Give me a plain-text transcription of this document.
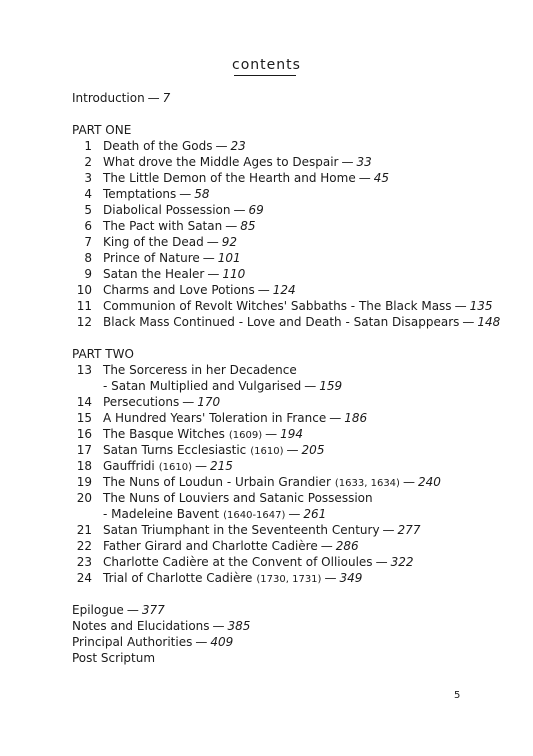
contents
Introduction — 7
PART ONE
1 Death of the Gods — 23
2 What drove the Middle Ages to Despair — 33
3 The Little Demon of the Hearth and Home — 45
4 Temptations — 58
5 Diabolical Possession — 69
6 The Pact with Satan — 85
7 King of the Dead — 92
8 Prince of Nature — 101
9 Satan the Healer — 110
10 Charms and Love Potions — 124
11 Communion of Revolt Witches' Sabbaths - The Black Mass — 135
12 Black Mass Continued - Love and Death - Satan Disappears — 148
PART TWO
13 The Sorceress in her Decadence
- Satan Multiplied and Vulgarised — 159
14 Persecutions — 170
15 A Hundred Years' Toleration in France — 186
16 The Basque Witches (1609) — 194
17 Satan Turns Ecclesiastic (1610) — 205
18 Gauffridi (1610) — 215
19 The Nuns of Loudun - Urbain Grandier (1633, 1634) — 240
20 The Nuns of Louviers and Satanic Possession
- Madeleine Bavent (1640-1647) — 261
21 Satan Triumphant in the Seventeenth Century — 277
22 Father Girard and Charlotte Cadière — 286
23 Charlotte Cadière at the Convent of Ollioules — 322
24 Trial of Charlotte Cadière (1730, 1731) — 349
Epilogue — 377
Notes and Elucidations — 385
Principal Authorities — 409
Post Scriptum
5
